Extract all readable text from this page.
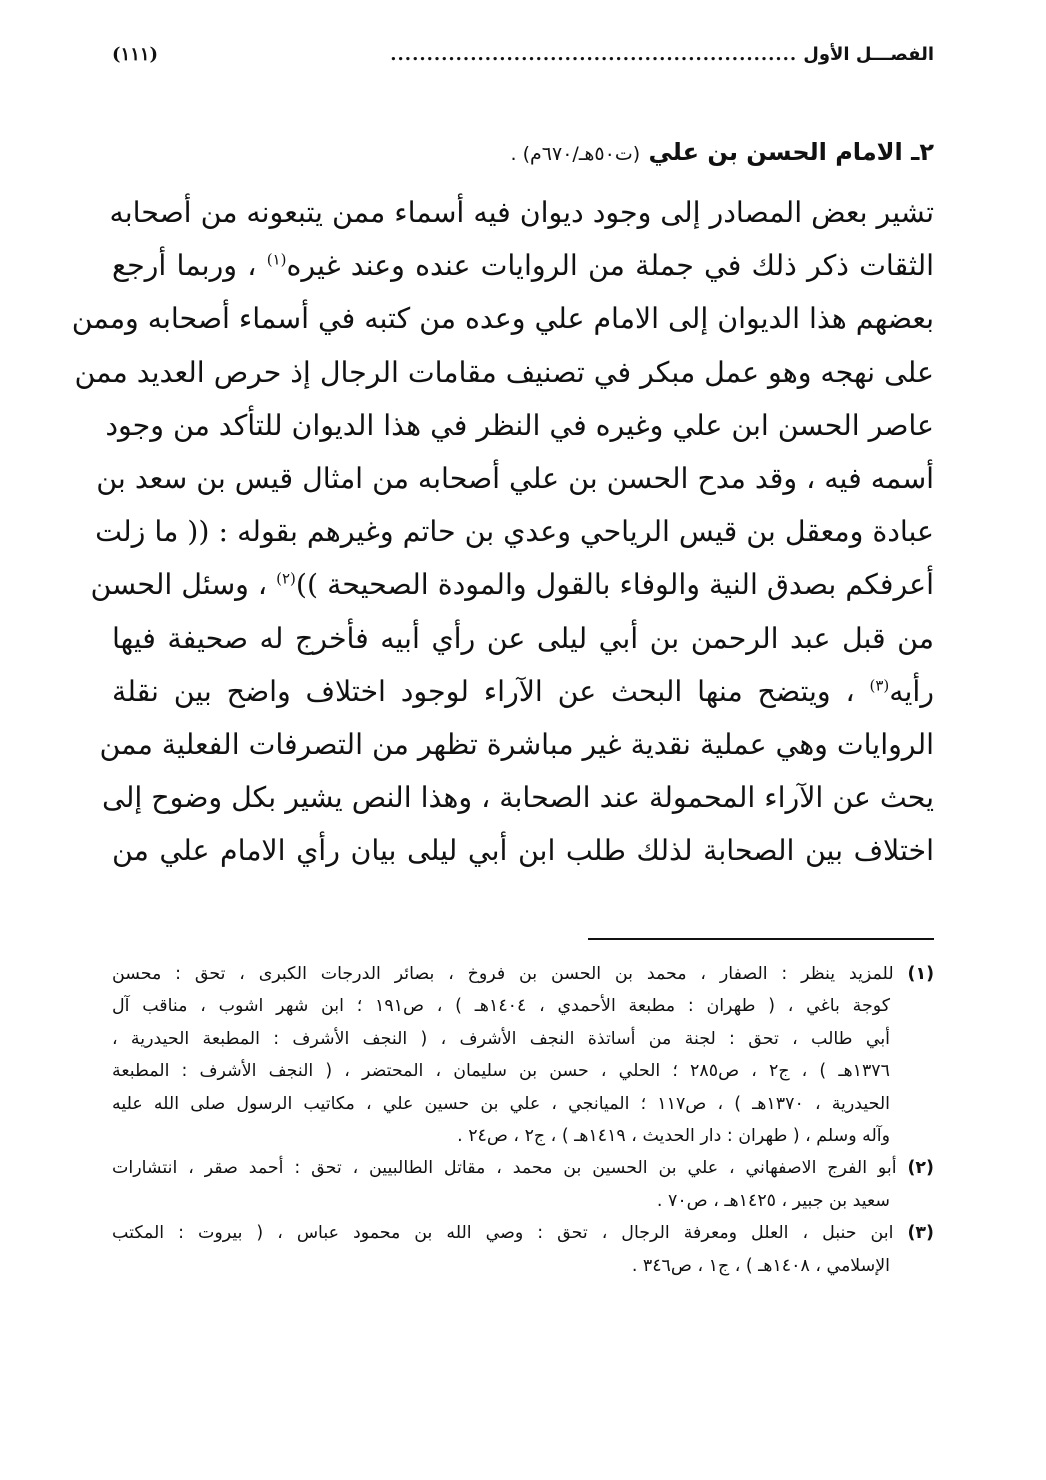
الفصـــل الأول
........................................................
(١١١)
٢ـ الامام الحسن بن علي (ت٥٠هـ/٦٧٠م) .
تشير بعض المصادر إلى وجود ديوان فيه أسماء ممن يتبعونه من أصحابه
الثقات ذكر ذلك في جملة من الروايات عنده وعند غيره$^{(١)}$ ، وربما أرجع
بعضهم هذا الديوان إلى الامام علي وعده من كتبه في أسماء أصحابه وممن
على نهجه وهو عمل مبكر في تصنيف مقامات الرجال إذ حرص العديد ممن
عاصر الحسن ابن علي وغيره في النظر في هذا الديوان للتأكد من وجود
أسمه فيه ، وقد مدح الحسن بن علي أصحابه من امثال قيس بن سعد بن
عبادة ومعقل بن قيس الرياحي وعدي بن حاتم وغيرهم بقوله : (( ما زلت
أعرفكم بصدق النية والوفاء بالقول والمودة الصحيحة ))$^{(٢)}$ ، وسئل الحسن
من قبل عبد الرحمن بن أبي ليلى عن رأي أبيه فأخرج له صحيفة فيها
رأيه$^{(٣)}$ ، ويتضح منها البحث عن الآراء لوجود اختلاف واضح بين نقلة
الروايات وهي عملية نقدية غير مباشرة تظهر من التصرفات الفعلية ممن
يحث عن الآراء المحمولة عند الصحابة ، وهذا النص يشير بكل وضوح إلى
اختلاف بين الصحابة لذلك طلب ابن أبي ليلى بيان رأي الامام علي من
(١) للمزيد ينظر : الصفار ، محمد بن الحسن بن فروخ ، بصائر الدرجات الكبرى ، تحق : محسن
كوجة باغي ، ( طهران : مطبعة الأحمدي ، ١٤٠٤هـ ) ، ص١٩١ ؛ ابن شهر اشوب ، مناقب آل
أبي طالب ، تحق : لجنة من أساتذة النجف الأشرف ، ( النجف الأشرف : المطبعة الحيدرية ،
١٣٧٦هـ ) ، ج٢ ، ص٢٨٥ ؛ الحلي ، حسن بن سليمان ، المحتضر ، ( النجف الأشرف : المطبعة
الحيدرية ، ١٣٧٠هـ ) ، ص١١٧ ؛ الميانجي ، علي بن حسين علي ، مكاتيب الرسول صلى الله عليه
وآله وسلم ، ( طهران : دار الحديث ، ١٤١٩هـ ) ، ج٢ ، ص٢٤ .
(٢) أبو الفرج الاصفهاني ، علي بن الحسين بن محمد ، مقاتل الطالبيين ، تحق : أحمد صقر ، انتشارات
سعيد بن جبير ، ١٤٢٥هـ ، ص٧٠ .
(٣) ابن حنبل ، العلل ومعرفة الرجال ، تحق : وصي الله بن محمود عباس ، ( بيروت : المكتب
الإسلامي ، ١٤٠٨هـ ) ، ج١ ، ص٣٤٦ .
